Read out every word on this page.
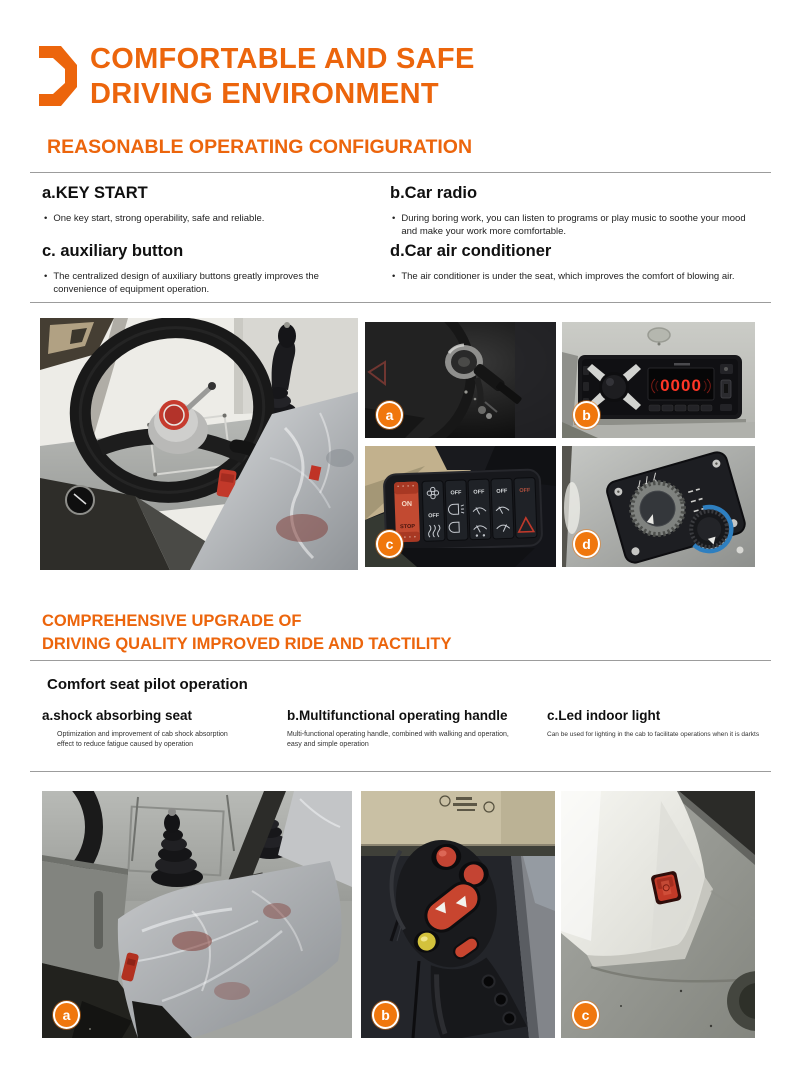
COMFORTABLE AND SAFE
DRIVING ENVIRONMENT
REASONABLE OPERATING CONFIGURATION
a.KEY START
• One key start, strong operability, safe and reliable.
b.Car radio
• During boring work, you can listen to programs or play music to soothe your mood and make your work more comfortable.
c. auxiliary button
• The centralized design of auxiliary buttons greatly improves the convenience of equipment operation.
d.Car air conditioner
• The air conditioner is under the seat, which improves the comfort of blowing air.
a
0000
b
ON
STOP
OFF
OFF OFF OFF OFF
c	d
COMPREHENSIVE UPGRADE OF
DRIVING QUALITY IMPROVED RIDE AND TACTILITY
Comfort seat pilot operation
a.shock absorbing seat
Optimization and improvement of cab shock absorption effect to reduce fatigue caused by operation
b.Multifunctional operating handle
Multi-functional operating handle, combined with walking and operation, easy and simple operation
c.Led indoor light
Can be used for lighting in the cab to facilitate operations when it is darkts
a	b	c
